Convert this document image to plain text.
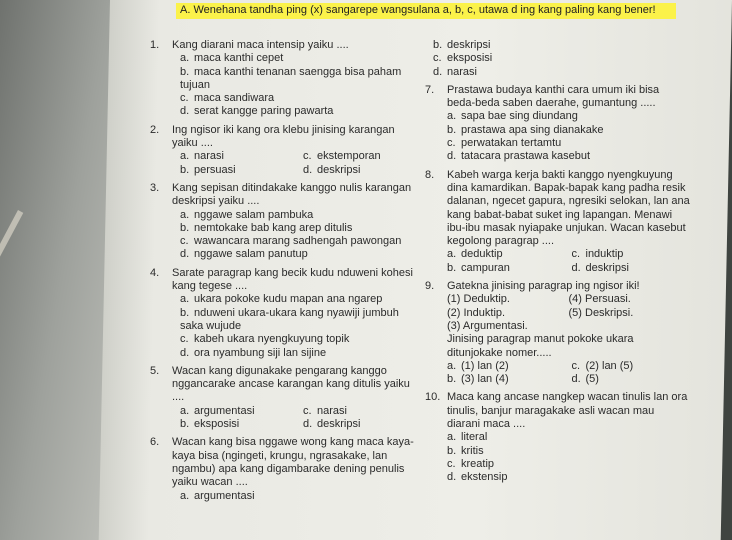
A. Wenehana tandha ping (x) sangarepe wangsulana a, b, c, utawa d ing kang paling kang bener!
1. Kang diarani maca intensip yaiku ....
a. maca kanthi cepet
b. maca kanthi tenanan saengga bisa paham tujuan
c. maca sandiwara
d. serat kangge paring pawarta
2. Ing ngisor iki kang ora klebu jinising karangan yaiku ....
a. narasi	c. ekstemporan
b. persuasi	d. deskripsi
3. Kang sepisan ditindakake kanggo nulis karangan deskripsi yaiku ....
a. nggawe salam pambuka
b. nemtokake bab kang arep ditulis
c. wawancara marang sadhengah pawongan
d. nggawe salam panutup
4. Sarate paragrap kang becik kudu nduweni kohesi kang tegese ....
a. ukara pokoke kudu mapan ana ngarep
b. nduweni ukara-ukara kang nyawiji jumbuh saka wujude
c. kabeh ukara nyengkuyung topik
d. ora nyambung siji lan sijine
5. Wacan kang digunakake pengarang kanggo nggancarake ancase karangan kang ditulis yaiku ....
a. argumentasi	c. narasi
b. eksposisi	d. deskripsi
6. Wacan kang bisa nggawe wong kang maca kaya-kaya bisa (ngingeti, krungu, ngrasakake, lan ngambu) apa kang digambarake dening penulis yaiku wacan ....
a. argumentasi
b. deskripsi
c. eksposisi
d. narasi
7. Prastawa budaya kanthi cara umum iki bisa beda-beda saben daerahe, gumantung .....
a. sapa bae sing diundang
b. prastawa apa sing dianakake
c. perwatakan tertamtu
d. tatacara prastawa kasebut
8. Kabeh warga kerja bakti kanggo nyengkuyung dina kamardikan. Bapak-bapak kang padha resik dalanan, ngecet gapura, ngresiki selokan, lan ana kang babat-babat suket ing lapangan. Menawi ibu-ibu masak nyiapake unjukan. Wacan kasebut kegolong paragrap ....
a. deduktip	c. induktip
b. campuran	d. deskripsi
9. Gatekna jinising paragrap ing ngisor iki!
(1) Deduktip.	(4) Persuasi.
(2) Induktip.	(5) Deskripsi.
(3) Argumentasi.
Jinising paragrap manut pokoke ukara ditunjokake nomer.....
a. (1) lan (2)	c. (2) lan (5)
b. (3) lan (4)	d. (5)
10. Maca kang ancase nangkep wacan tinulis lan ora tinulis, banjur maragakake asli wacan mau diarani maca ....
a. literal
b. kritis
c. kreatip
d. ekstensip
